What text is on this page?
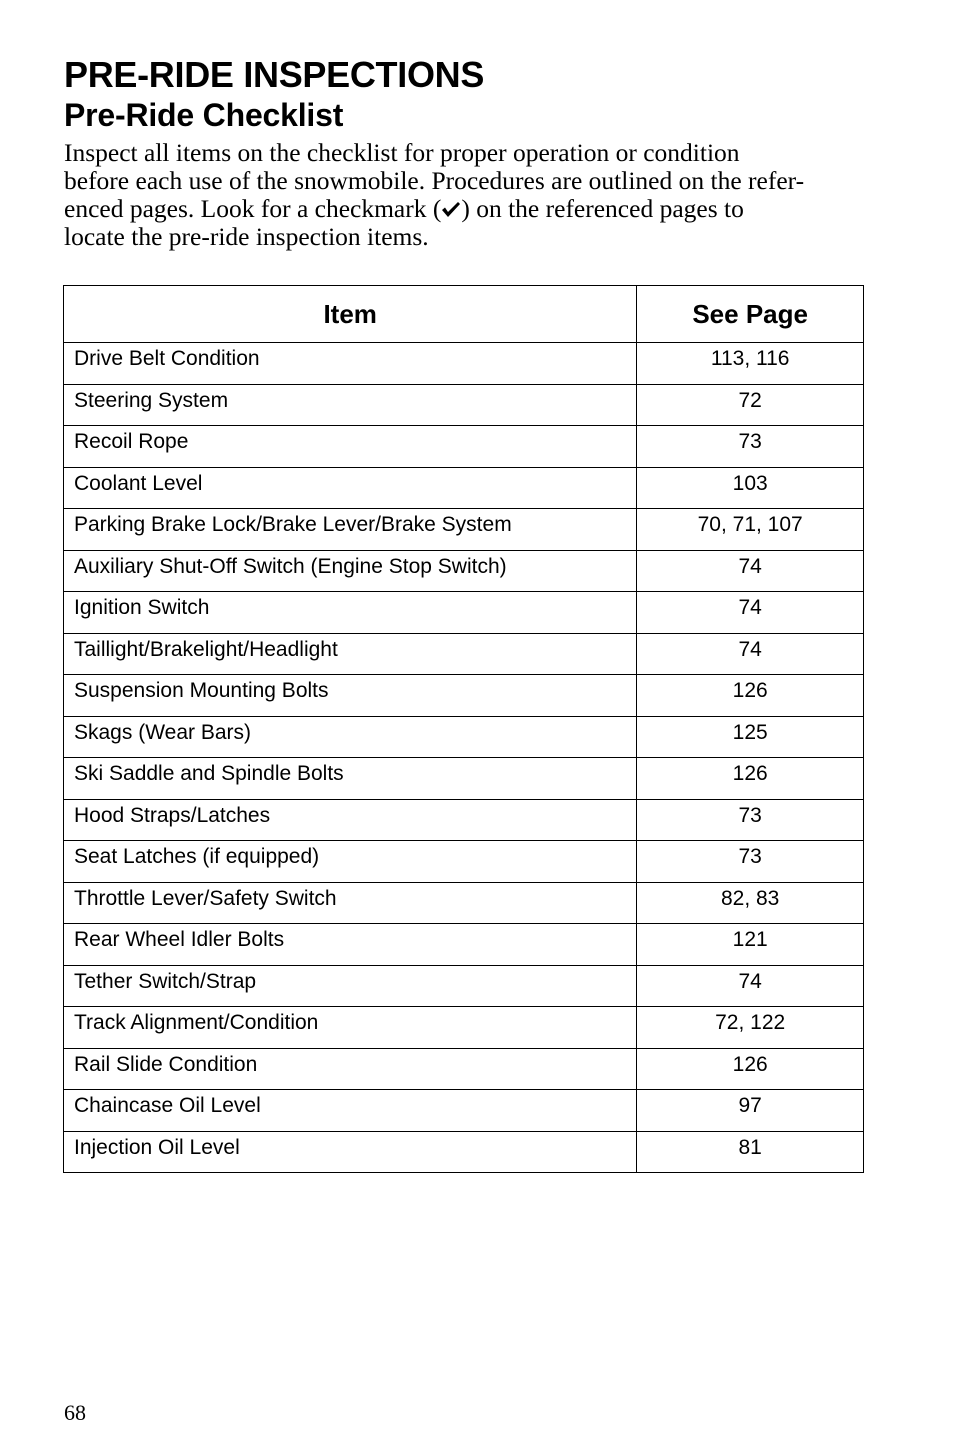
PRE-RIDE INSPECTIONS
Pre-Ride Checklist

Inspect all items on the checklist for proper operation or condition
before each use of the snowmobile. Procedures are outlined on the refer-
enced pages. Look for a checkmark ( ) on the referenced pages to
locate the pre-ride inspection items.

Item	See Page
Drive Belt Condition	113, 116
Steering System	72
Recoil Rope	73
Coolant Level	103
Parking Brake Lock/Brake Lever/Brake System	70, 71, 107
Auxiliary Shut-Off Switch (Engine Stop Switch)	74
Ignition Switch	74
Taillight/Brakelight/Headlight	74
Suspension Mounting Bolts	126
Skags (Wear Bars)	125
Ski Saddle and Spindle Bolts	126
Hood Straps/Latches	73
Seat Latches (if equipped)	73
Throttle Lever/Safety Switch	82, 83
Rear Wheel Idler Bolts	121
Tether Switch/Strap	74
Track Alignment/Condition	72, 122
Rail Slide Condition	126
Chaincase Oil Level	97
Injection Oil Level	81

68
